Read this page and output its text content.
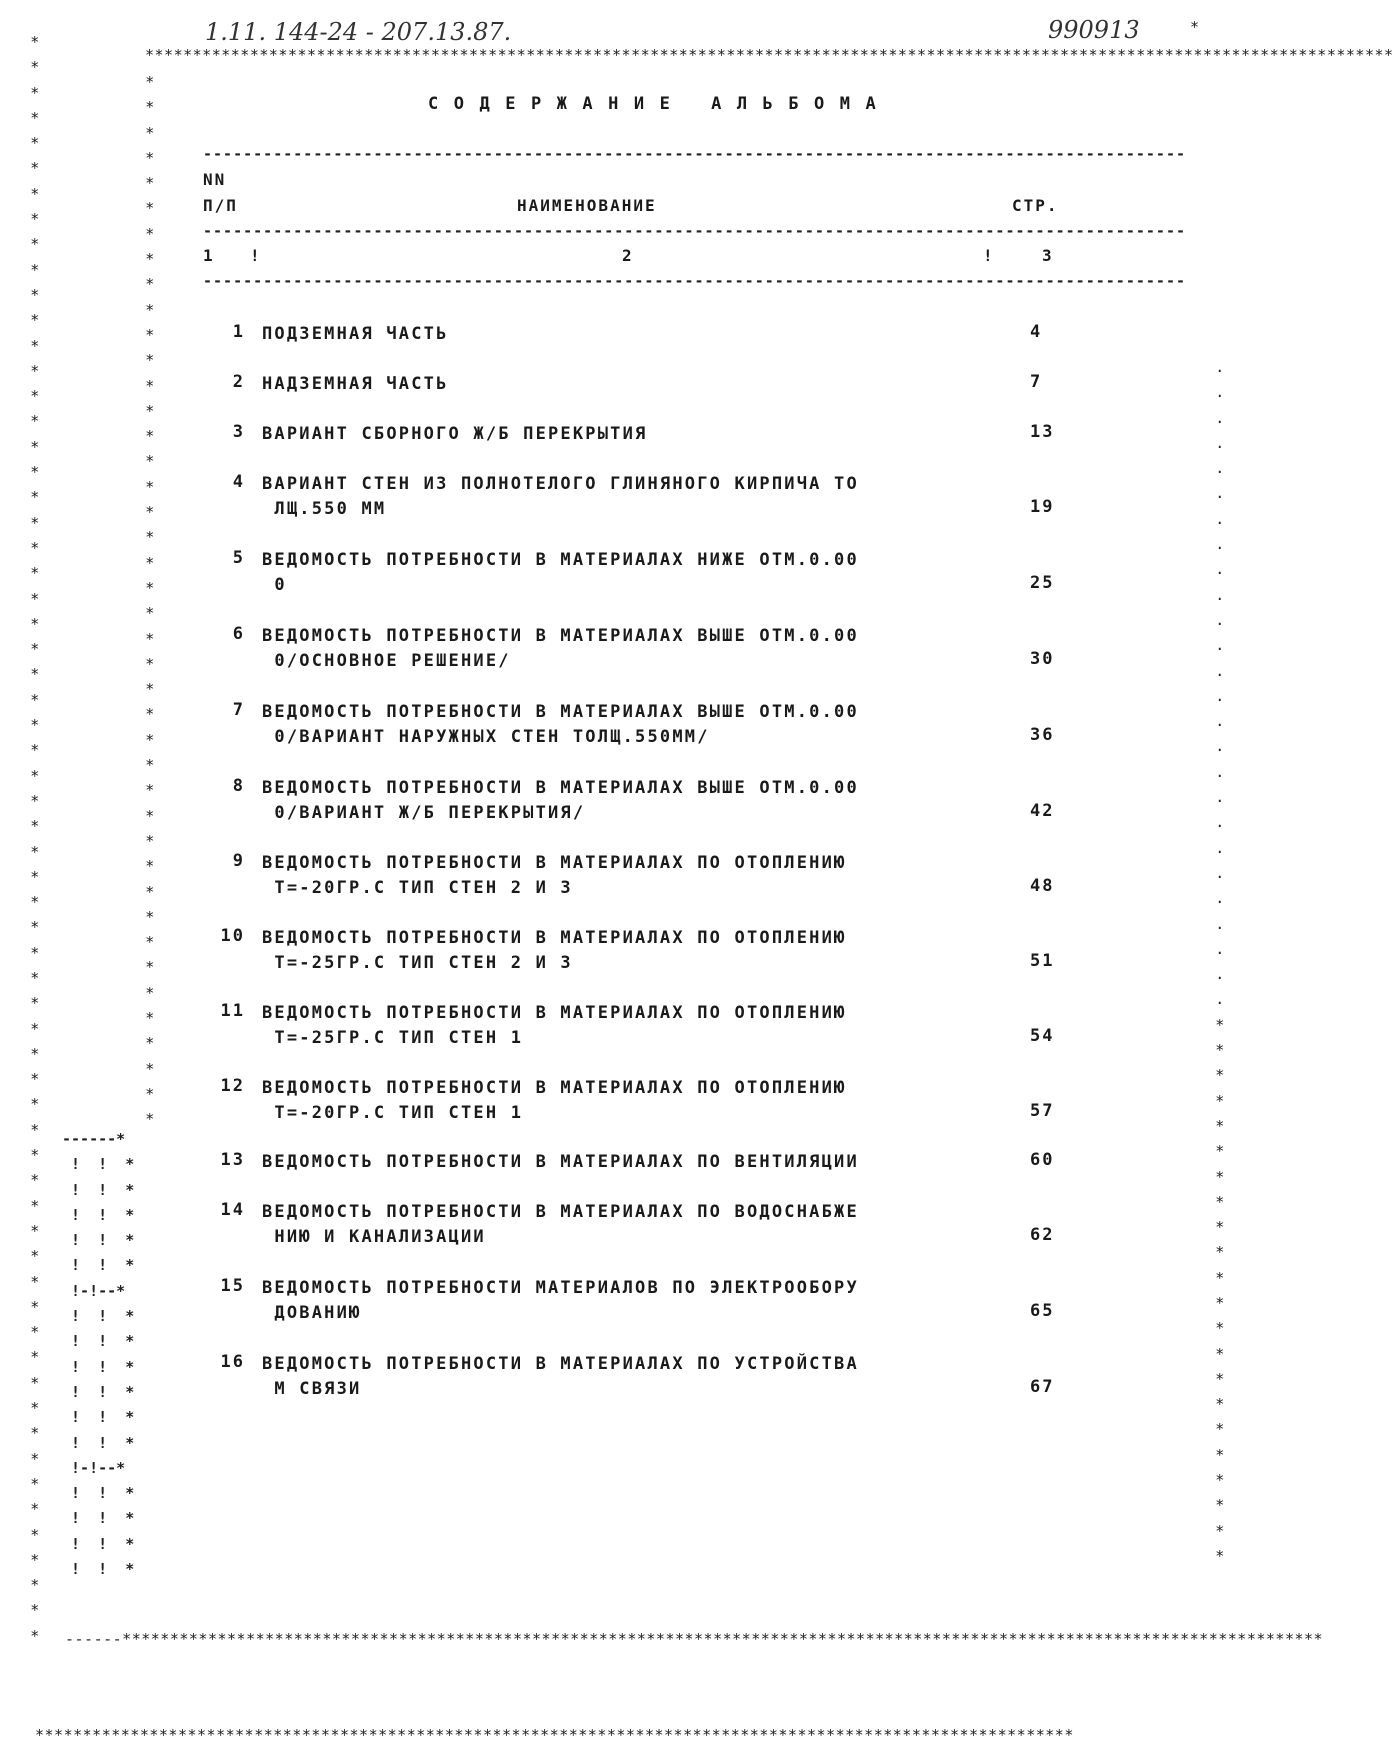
1.11. 144-24 - 207.13.87.	990913	*
***********************************************************************************************************************************
* * * * * * * * * * * * * * * * * * * * * * * * * * * * * * * * * * * * * * * * * * * * * * * * * * * * * * * * * * * * * * * *
* * * * * * * * * * * * * * * * * * * * * * * * * * * * * * * * * * * * * * * * * *
. . . . . . . . . . . . . . . . . . . . . . . . . . * * * * * * * * * * * * * * * * * * * * * *
------******************************************************************************************************************************
*************************************************************************************************************
------*
!  !  *
!  !  *
!  !  *
!  !  *
!  !  *
!-!--*
!  !  *
!  !  *
!  !  *
!  !  *
!  !  *
!  !  *
!-!--*
!  !  *
!  !  *
!  !  *
!  !  *
СОДЕРЖАНИЕ АЛЬБОМА
--------------------------------------------------------------------------------------------------
NN
П/П	НАИМЕНОВАНИЕ	СТР.
--------------------------------------------------------------------------------------------------
1 !	2	!	3
--------------------------------------------------------------------------------------------------
1 ПОДЗЕМНАЯ ЧАСТЬ	4
2 НАДЗЕМНАЯ ЧАСТЬ	7
3 ВАРИАНТ СБОРНОГО Ж/Б ПЕРЕКРЫТИЯ	13
4 ВАРИАНТ СТЕН ИЗ ПОЛНОТЕЛОГО ГЛИНЯНОГО КИРПИЧА ТО
ЛЩ.550 ММ	19
5 ВЕДОМОСТЬ ПОТРЕБНОСТИ В МАТЕРИАЛАХ НИЖЕ ОТМ.0.00
0	25
6 ВЕДОМОСТЬ ПОТРЕБНОСТИ В МАТЕРИАЛАХ ВЫШЕ ОТМ.0.00
0/ОСНОВНОЕ РЕШЕНИЕ/	30
7 ВЕДОМОСТЬ ПОТРЕБНОСТИ В МАТЕРИАЛАХ ВЫШЕ ОТМ.0.00
0/ВАРИАНТ НАРУЖНЫХ СТЕН ТОЛЩ.550ММ/	36
8 ВЕДОМОСТЬ ПОТРЕБНОСТИ В МАТЕРИАЛАХ ВЫШЕ ОТМ.0.00
0/ВАРИАНТ Ж/Б ПЕРЕКРЫТИЯ/	42
9 ВЕДОМОСТЬ ПОТРЕБНОСТИ В МАТЕРИАЛАХ ПО ОТОПЛЕНИЮ
Т=-20ГР.С ТИП СТЕН 2 И 3	48
10 ВЕДОМОСТЬ ПОТРЕБНОСТИ В МАТЕРИАЛАХ ПО ОТОПЛЕНИЮ
Т=-25ГР.С ТИП СТЕН 2 И 3	51
11 ВЕДОМОСТЬ ПОТРЕБНОСТИ В МАТЕРИАЛАХ ПО ОТОПЛЕНИЮ
Т=-25ГР.С ТИП СТЕН 1	54
12 ВЕДОМОСТЬ ПОТРЕБНОСТИ В МАТЕРИАЛАХ ПО ОТОПЛЕНИЮ
Т=-20ГР.С ТИП СТЕН 1	57
13 ВЕДОМОСТЬ ПОТРЕБНОСТИ В МАТЕРИАЛАХ ПО ВЕНТИЛЯЦИИ	60
14 ВЕДОМОСТЬ ПОТРЕБНОСТИ В МАТЕРИАЛАХ ПО ВОДОСНАБЖЕ
НИЮ И КАНАЛИЗАЦИИ	62
15 ВЕДОМОСТЬ ПОТРЕБНОСТИ МАТЕРИАЛОВ ПО ЭЛЕКТРООБОРУ
ДОВАНИЮ	65
16 ВЕДОМОСТЬ ПОТРЕБНОСТИ В МАТЕРИАЛАХ ПО УСТРОЙСТВА
М СВЯЗИ	67
